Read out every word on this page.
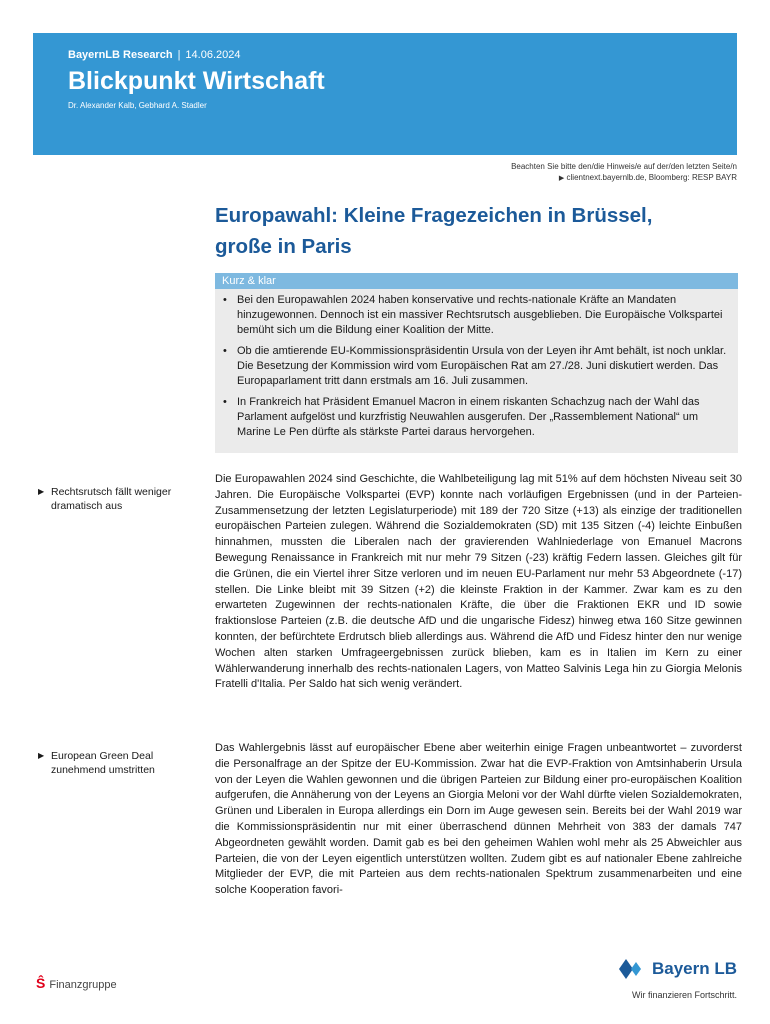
BayernLB Research | 14.06.2024
Blickpunkt Wirtschaft
Dr. Alexander Kalb, Gebhard A. Stadler
Beachten Sie bitte den/die Hinweis/e auf der/den letzten Seite/n
▶ clientnext.bayernlb.de, Bloomberg: RESP BAYR
Europawahl: Kleine Fragezeichen in Brüssel,
große in Paris
Kurz & klar
• Bei den Europawahlen 2024 haben konservative und rechts-nationale Kräfte an Mandaten hinzugewonnen. Dennoch ist ein massiver Rechtsrutsch ausgeblieben. Die Europäische Volkspartei bemüht sich um die Bildung einer Koalition der Mitte.
• Ob die amtierende EU-Kommissionspräsidentin Ursula von der Leyen ihr Amt behält, ist noch unklar. Die Besetzung der Kommission wird vom Europäischen Rat am 27./28. Juni diskutiert werden. Das Europaparlament tritt dann erstmals am 16. Juli zusammen.
• In Frankreich hat Präsident Emanuel Macron in einem riskanten Schachzug nach der Wahl das Parlament aufgelöst und kurzfristig Neuwahlen ausgerufen. Der „Rassemblement National“ um Marine Le Pen dürfte als stärkste Partei daraus hervorgehen.
▶ Rechtsrutsch fällt weniger dramatisch aus
▶ European Green Deal zunehmend umstritten
Die Europawahlen 2024 sind Geschichte, die Wahlbeteiligung lag mit 51% auf dem höchsten Niveau seit 30 Jahren. Die Europäische Volkspartei (EVP) konnte nach vorläufigen Ergebnissen (und in der Parteien-Zusammensetzung der letzten Legislaturperiode) mit 189 der 720 Sitze (+13) als einzige der traditionellen europäischen Parteien zulegen. Während die Sozialdemokraten (SD) mit 135 Sitzen (-4) leichte Einbußen hinnahmen, mussten die Liberalen nach der gravierenden Wahlniederlage von Emanuel Macrons Bewegung Renaissance in Frankreich mit nur mehr 79 Sitzen (-23) kräftig Federn lassen. Gleiches gilt für die Grünen, die ein Viertel ihrer Sitze verloren und im neuen EU-Parlament nur mehr 53 Abgeordnete (-17) stellen. Die Linke bleibt mit 39 Sitzen (+2) die kleinste Fraktion in der Kammer. Zwar kam es zu den erwarteten Zugewinnen der rechts-nationalen Kräfte, die über die Fraktionen EKR und ID sowie fraktionslose Parteien (z.B. die deutsche AfD und die ungarische Fidesz) hinweg etwa 160 Sitze gewinnen konnten, der befürchtete Erdrutsch blieb allerdings aus. Während die AfD und Fidesz hinter den nur wenige Wochen alten starken Umfrageergebnissen zurück blieben, kam es in Italien im Kern zu einer Wählerwanderung innerhalb des rechts-nationalen Lagers, von Matteo Salvinis Lega hin zu Giorgia Melonis Fratelli d'Italia. Per Saldo hat sich wenig verändert.
Das Wahlergebnis lässt auf europäischer Ebene aber weiterhin einige Fragen unbeantwortet – zuvorderst die Personalfrage an der Spitze der EU-Kommission. Zwar hat die EVP-Fraktion von Amtsinhaberin Ursula von der Leyen die Wahlen gewonnen und die übrigen Parteien zur Bildung einer pro-europäischen Koalition aufgerufen, die Annäherung von der Leyens an Giorgia Meloni vor der Wahl dürfte vielen Sozialdemokraten, Grünen und Liberalen in Europa allerdings ein Dorn im Auge gewesen sein. Bereits bei der Wahl 2019 war die Kommissionspräsidentin nur mit einer überraschend dünnen Mehrheit von 383 der damals 747 Abgeordneten gewählt worden. Damit gab es bei den geheimen Wahlen wohl mehr als 25 Abweichler aus Parteien, die von der Leyen eigentlich unterstützen wollten. Zudem gibt es auf nationaler Ebene zahlreiche Mitglieder der EVP, die mit Parteien aus dem rechts-nationalen Spektrum zusammenarbeiten und eine solche Kooperation favori-
Ŝ Finanzgruppe
Bayern LB
Wir finanzieren Fortschritt.
